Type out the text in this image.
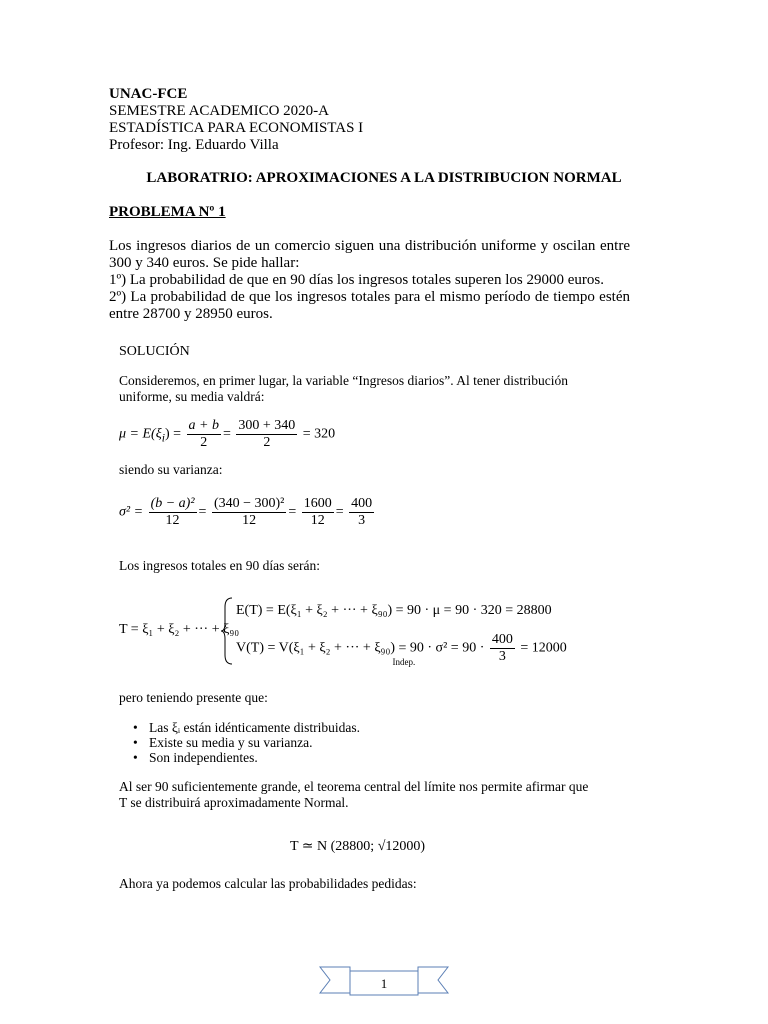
UNAC-FCE
SEMESTRE ACADEMICO 2020-A
ESTADÍSTICA PARA ECONOMISTAS I
Profesor: Ing. Eduardo Villa
LABORATRIO: APROXIMACIONES A LA DISTRIBUCION NORMAL
PROBLEMA Nº 1
Los ingresos diarios de un comercio siguen una distribución uniforme y oscilan entre 300 y 340 euros. Se pide hallar:
1º) La probabilidad de que en 90 días los ingresos totales superen los 29000 euros.
2º) La probabilidad de que los ingresos totales para el mismo período de tiempo estén entre 28700 y 28950 euros.
SOLUCIÓN
Consideremos, en primer lugar, la variable “Ingresos diarios”. Al tener distribución uniforme, su media valdrá:
$\mu = E(\xi_i) = \frac{a + b}{2} = \frac{300 + 340}{2} = 320$
siendo su varianza:
$\sigma^2 = \frac{\text{(b − a)²}}{12} = \frac{\text{(340 − 300)²}}{12} = \frac{1600}{12} = \frac{400}{3}$
Los ingresos totales en 90 días serán:
T = ξ₁ + ξ₂ + ··· + ξ₉₀
E(T) = E(ξ₁ + ξ₂ + ··· + ξ₉₀) = 90 · μ = 90 · 320 = 28800
V(T) = V(ξ₁ + ξ₂ + ··· + ξ₉₀) =
Indep.
$90 \cdot \sigma^2 = 90 \cdot \frac{400}{3} = 12000$
pero teniendo presente que:
• Las ξᵢ están idénticamente distribuidas.
• Existe su media y su varianza.
• Son independientes.
Al ser 90 suficientemente grande, el teorema central del límite nos permite afirmar que T se distribuirá aproximadamente Normal.
T ≃ N (28800; √12000)
Ahora ya podemos calcular las probabilidades pedidas:
1
